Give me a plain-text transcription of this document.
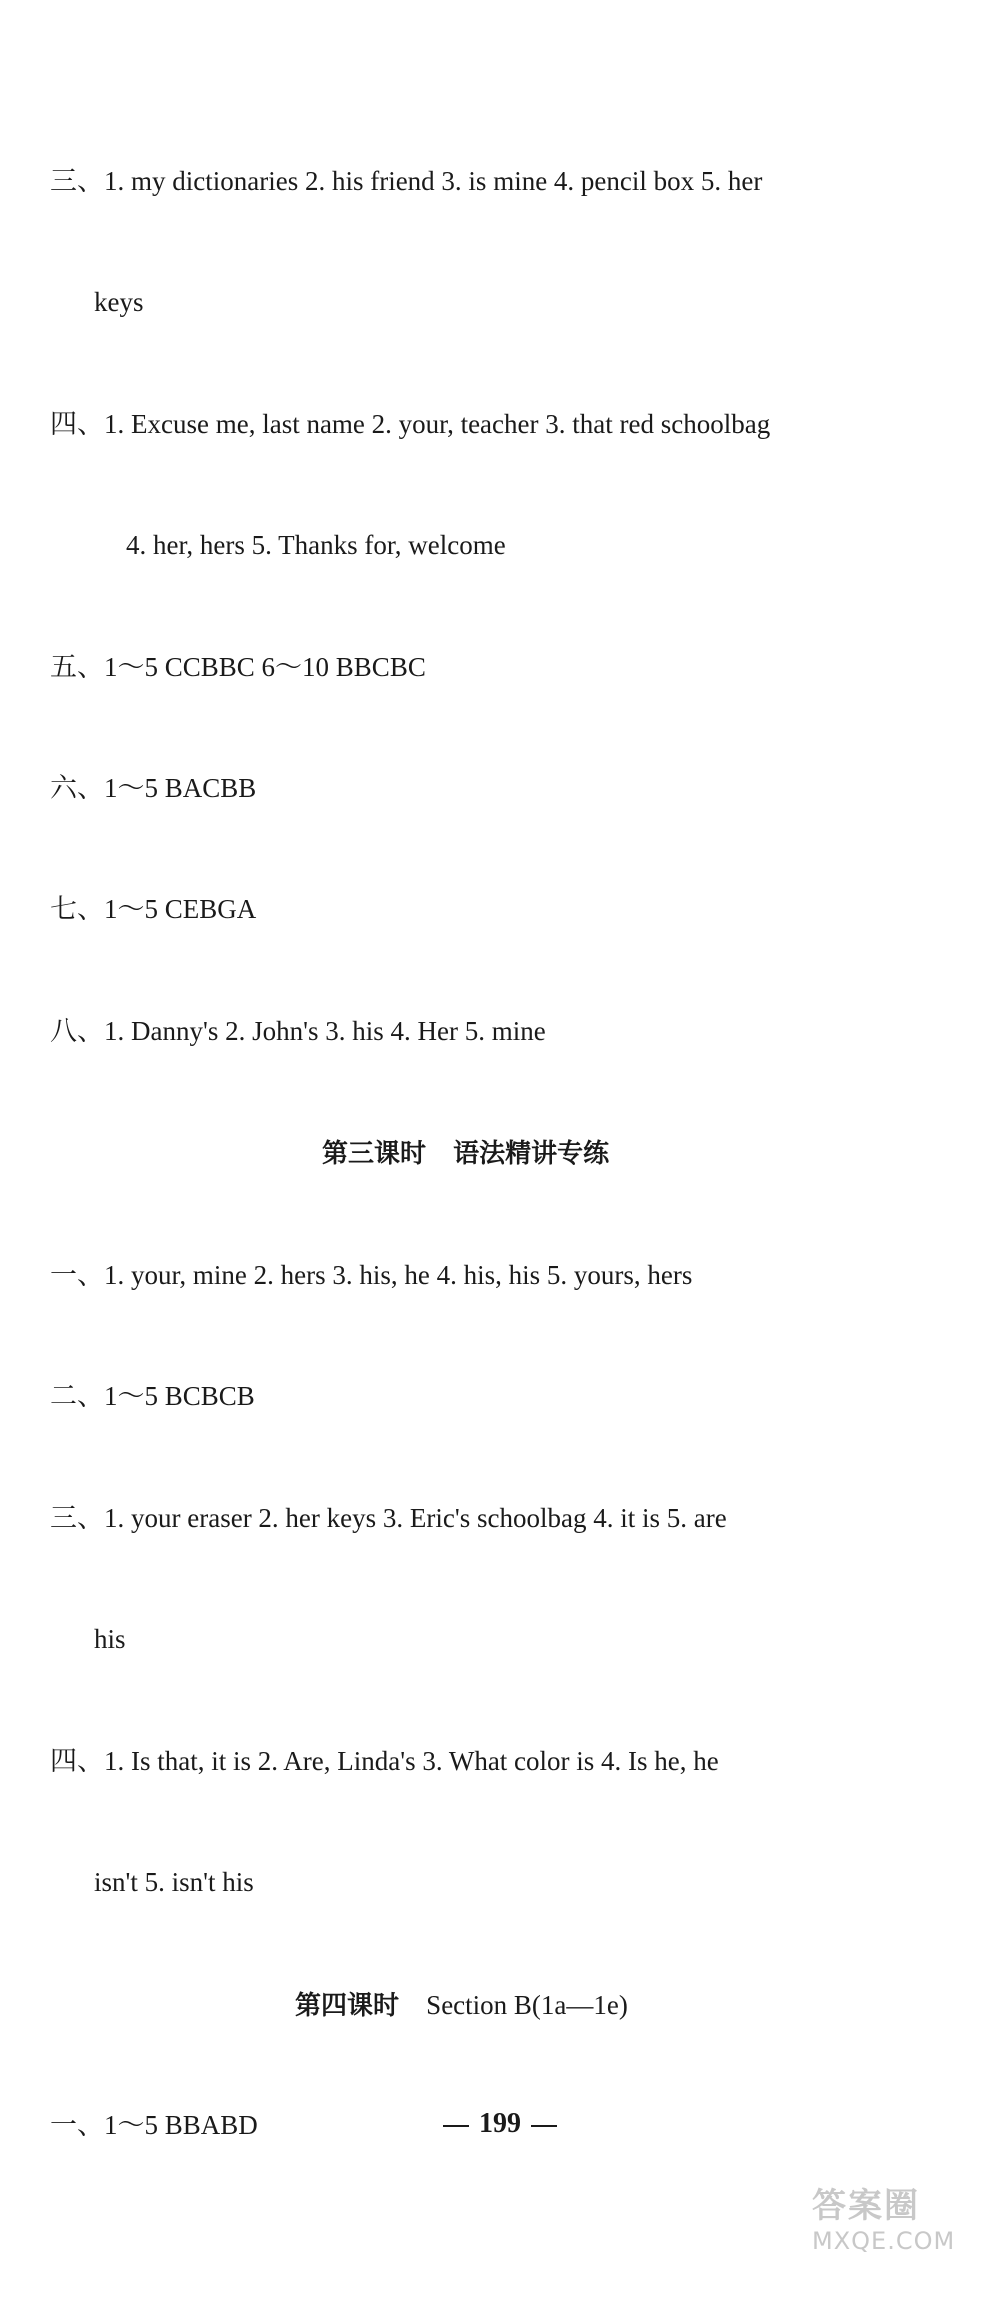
三、1. my dictionaries 2. his friend 3. is mine 4. pencil box 5. her
keys
四、1. Excuse me, last name 2. your, teacher 3. that red schoolbag
4. her, hers 5. Thanks for, welcome
五、1～5 CCBBC 6～10 BBCBC
六、1～5 BACBB
七、1～5 CEBGA
八、1. Danny's 2. John's 3. his 4. Her 5. mine
第三课时 语法精讲专练
一、1. your, mine 2. hers 3. his, he 4. his, his 5. yours, hers
二、1～5 BCBCB
三、1. your eraser 2. her keys 3. Eric's schoolbag 4. it is 5. are
his
四、1. Is that, it is 2. Are, Linda's 3. What color is 4. Is he, he
isn't 5. isn't his
第四课时 Section B(1a—1e)
一、1～5 BBABD	199
答案圈
MXQE.COM
